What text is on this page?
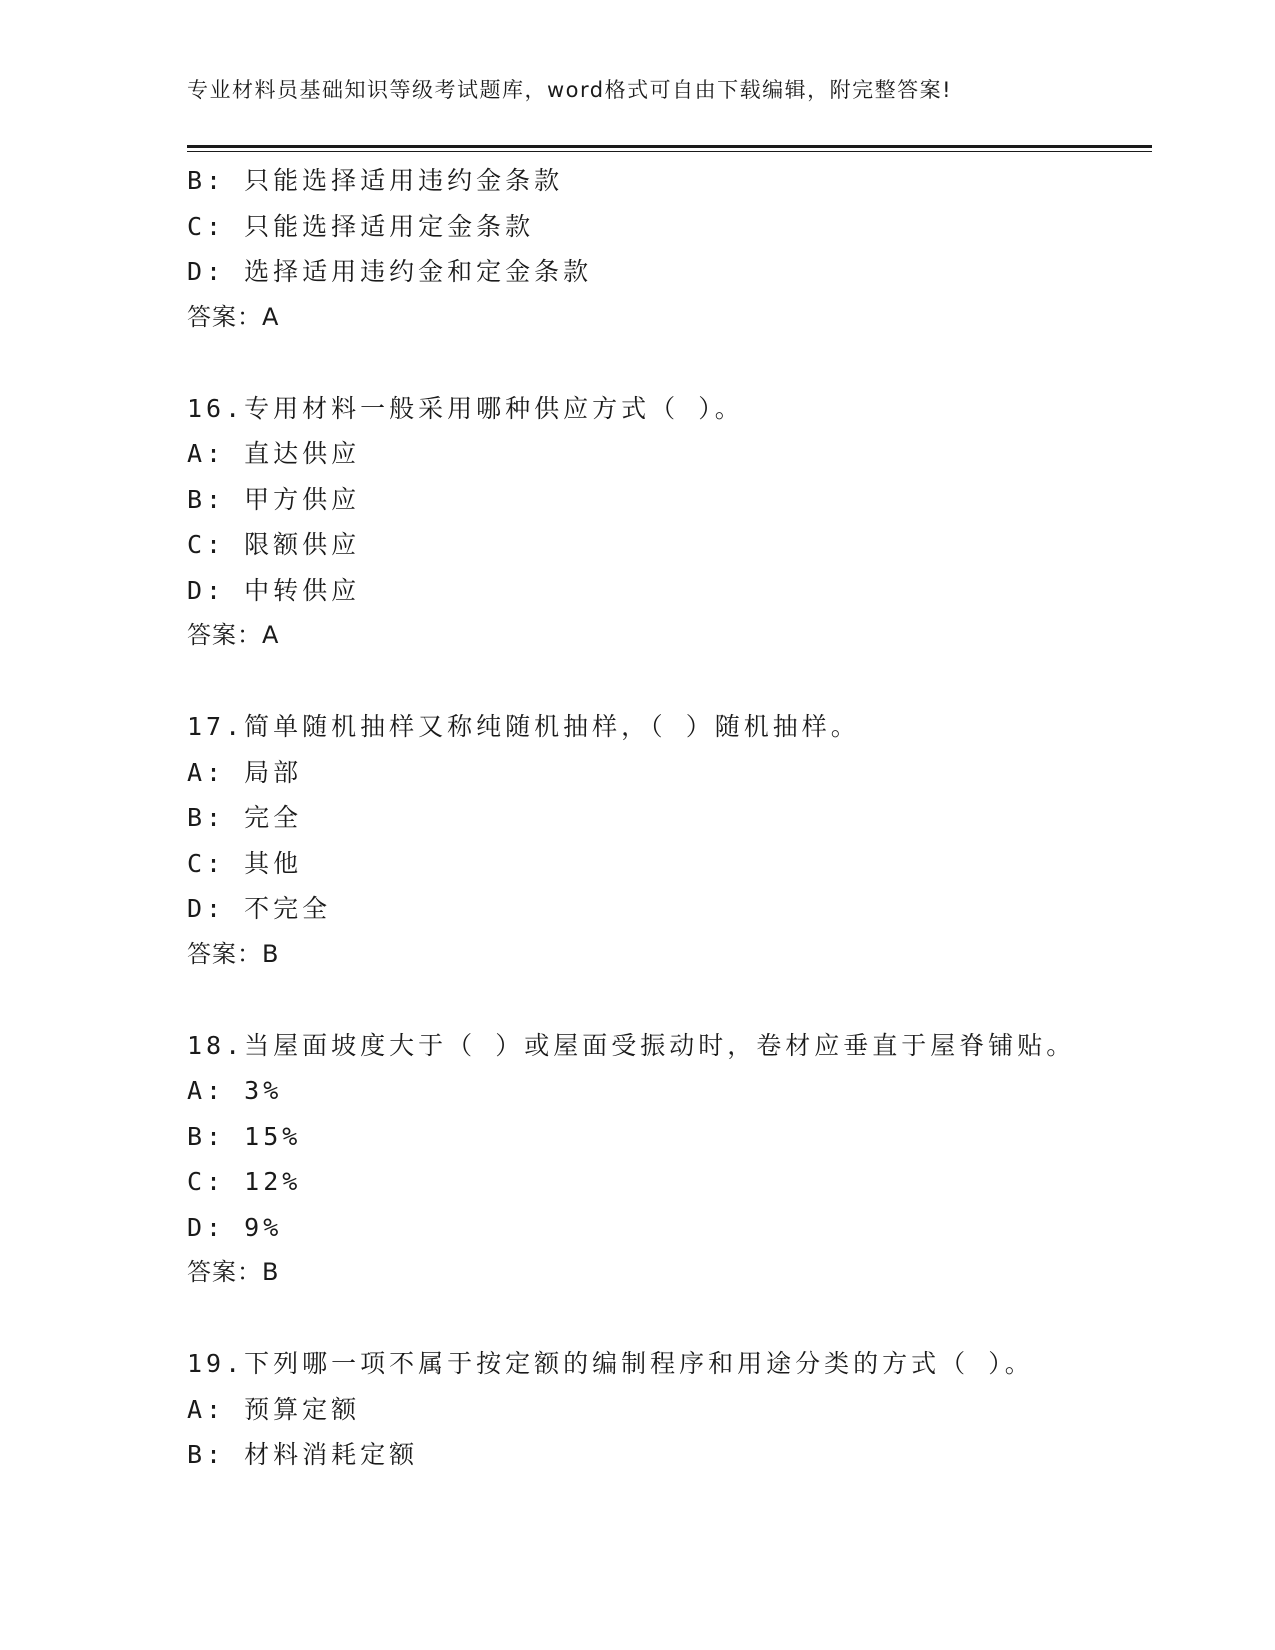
专业材料员基础知识等级考试题库，word格式可自由下载编辑，附完整答案!
B: 只能选择适用违约金条款
C: 只能选择适用定金条款
D: 选择适用违约金和定金条款
答案：A
16.专用材料一般采用哪种供应方式（ ）。
A: 直达供应
B: 甲方供应
C: 限额供应
D: 中转供应
答案：A
17.简单随机抽样又称纯随机抽样，（ ）随机抽样。
A: 局部
B: 完全
C: 其他
D: 不完全
答案：B
18.当屋面坡度大于（ ）或屋面受振动时，卷材应垂直于屋脊铺贴。
A: 3%
B: 15%
C: 12%
D: 9%
答案：B
19.下列哪一项不属于按定额的编制程序和用途分类的方式（ ）。
A: 预算定额
B: 材料消耗定额
